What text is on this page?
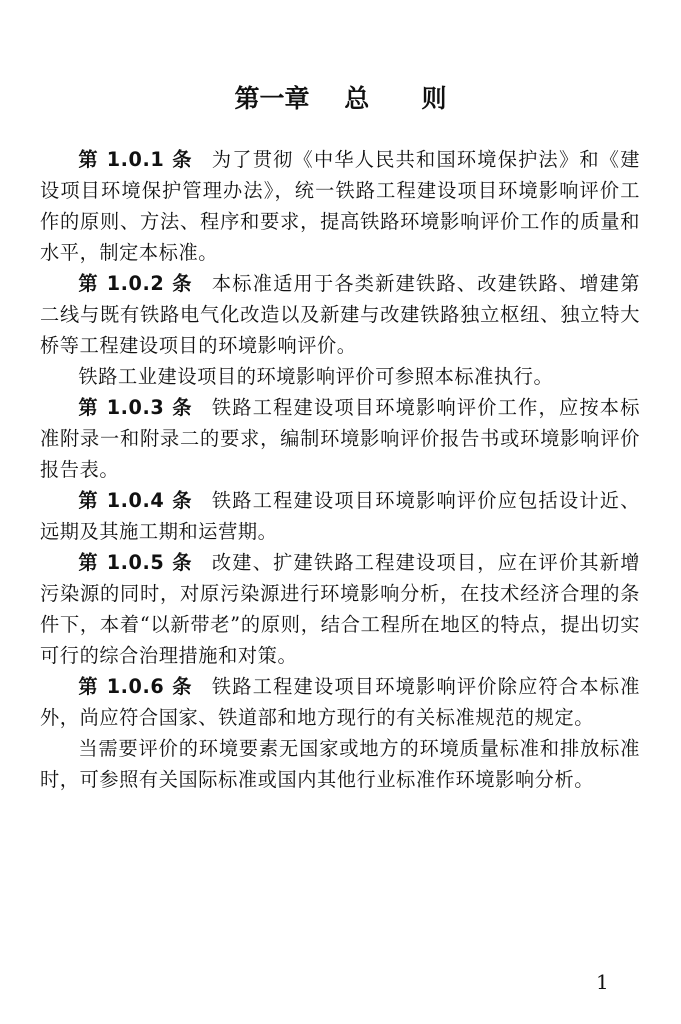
第一章    总      则

第 1.0.1 条 为了贯彻《中华人民共和国环境保护法》和《建设项目环境保护管理办法》，统一铁路工程建设项目环境影响评价工作的原则、方法、程序和要求，提高铁路环境影响评价工作的质量和水平，制定本标准。

第 1.0.2 条 本标准适用于各类新建铁路、改建铁路、增建第二线与既有铁路电气化改造以及新建与改建铁路独立枢纽、独立特大桥等工程建设项目的环境影响评价。

铁路工业建设项目的环境影响评价可参照本标准执行。

第 1.0.3 条 铁路工程建设项目环境影响评价工作，应按本标准附录一和附录二的要求，编制环境影响评价报告书或环境影响评价报告表。

第 1.0.4 条 铁路工程建设项目环境影响评价应包括设计近、远期及其施工期和运营期。

第 1.0.5 条 改建、扩建铁路工程建设项目，应在评价其新增污染源的同时，对原污染源进行环境影响分析，在技术经济合理的条件下，本着“以新带老”的原则，结合工程所在地区的特点，提出切实可行的综合治理措施和对策。

第 1.0.6 条 铁路工程建设项目环境影响评价除应符合本标准外，尚应符合国家、铁道部和地方现行的有关标准规范的规定。

当需要评价的环境要素无国家或地方的环境质量标准和排放标准时，可参照有关国际标准或国内其他行业标准作环境影响分析。

1
